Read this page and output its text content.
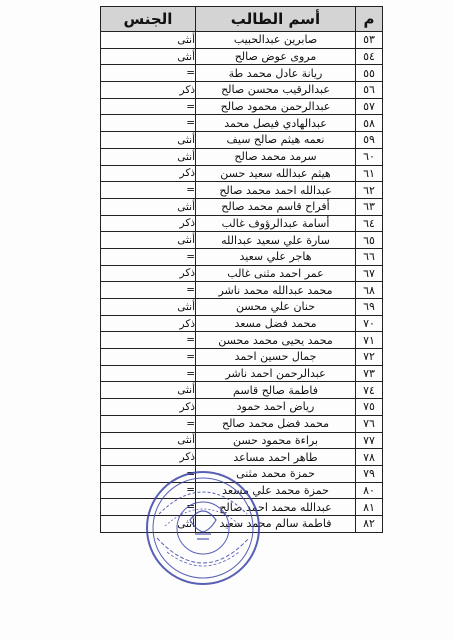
م	أسم الطالب	الجنس
٥٣	صابرين عبدالحبيب	أنثى
٥٤	مروى عوض صالح	أنثى
٥٥	ريانة عادل محمد طة	=
٥٦	عبدالرقيب محسن صالح	ذكر
٥٧	عبدالرحمن محمود صالح	=
٥٨	عبدالهادي فيصل محمد	=
٥٩	نعمه هيثم صالح سيف	أنثى
٦٠	سرمد محمد صالح	أنثى
٦١	هيثم عبدالله سعيد حسن	ذكر
٦٢	عبدالله احمد محمد صالح	=
٦٣	أفراح قاسم محمد صالح	أنثى
٦٤	أسامة عبدالرؤوف غالب	ذكر
٦٥	سارة علي سعيد عبدالله	أنثى
٦٦	هاجر علي سعيد	=
٦٧	عمر احمد مثنى غالب	ذكر
٦٨	محمد عبدالله محمد ناشر	=
٦٩	حنان علي محسن	أنثى
٧٠	محمد فضل مسعد	ذكر
٧١	محمد يحيى محمد محسن	=
٧٢	جمال حسين احمد	=
٧٣	عبدالرحمن احمد ناشر	=
٧٤	فاطمة صالح قاسم	أنثى
٧٥	رياض احمد حمود	ذكر
٧٦	محمد فضل محمد صالح	=
٧٧	براءة محمود حسن	أنثى
٧٨	طاهر احمد مساعد	ذكر
٧٩	حمزة محمد مثنى	=
٨٠	حمزة محمد علي مسعد	=
٨١	عبدالله محمد احمد صالح	=
٨٢	فاطمة سالم محمد سعيد	أنثى
